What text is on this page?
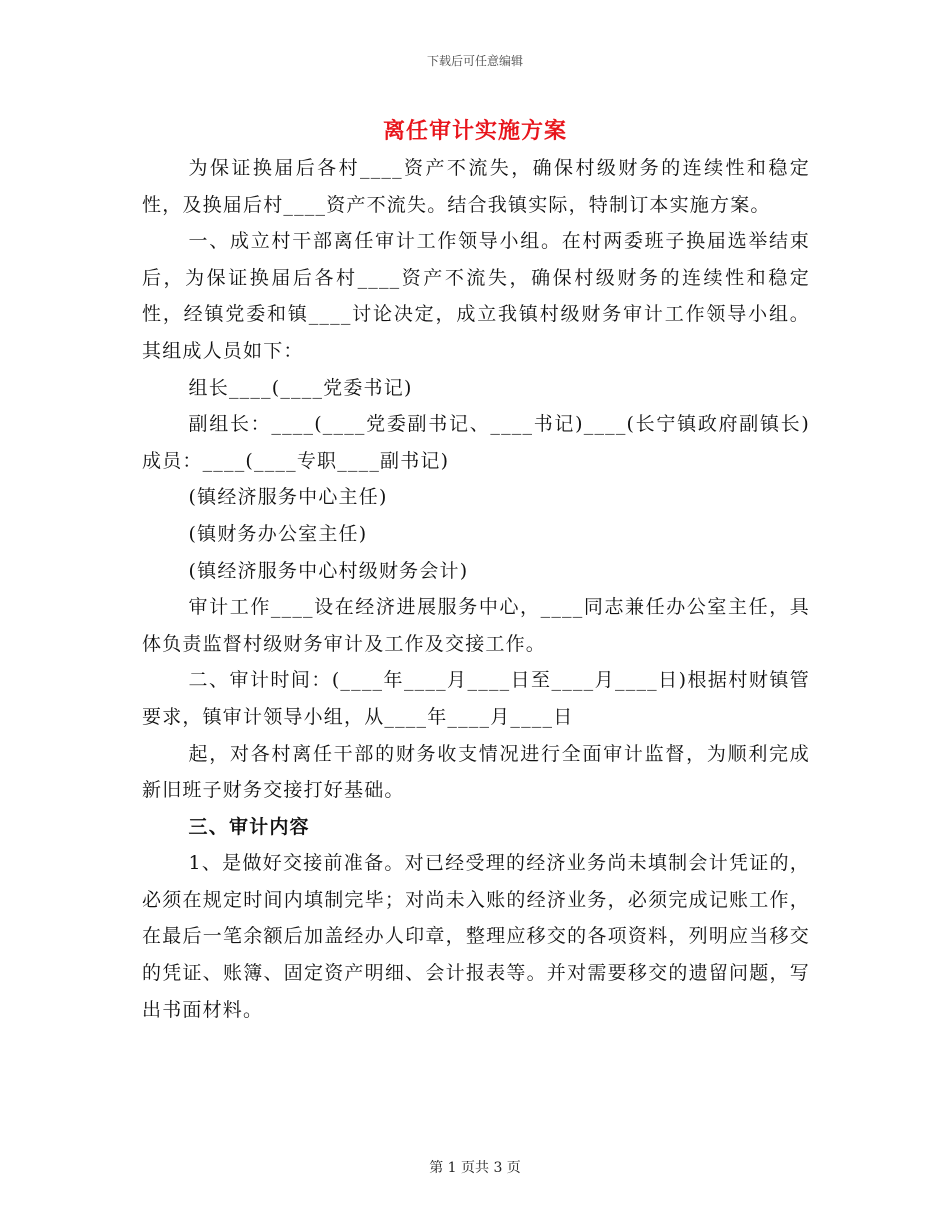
下载后可任意编辑
离任审计实施方案

为保证换届后各村____资产不流失，确保村级财务的连续性和稳定性，及换届后村____资产不流失。结合我镇实际，特制订本实施方案。

一、成立村干部离任审计工作领导小组。在村两委班子换届选举结束后，为保证换届后各村____资产不流失，确保村级财务的连续性和稳定性，经镇党委和镇____讨论决定，成立我镇村级财务审计工作领导小组。其组成人员如下：

组长____(____党委书记)

副组长：____(____党委副书记、____书记)____(长宁镇政府副镇长)成员：____(____专职____副书记)

(镇经济服务中心主任)

(镇财务办公室主任)

(镇经济服务中心村级财务会计)

审计工作____设在经济进展服务中心，____同志兼任办公室主任，具体负责监督村级财务审计及工作及交接工作。

二、审计时间：(____年____月____日至____月____日)根据村财镇管要求，镇审计领导小组，从____年____月____日

起，对各村离任干部的财务收支情况进行全面审计监督，为顺利完成新旧班子财务交接打好基础。

三、审计内容

1、是做好交接前准备。对已经受理的经济业务尚未填制会计凭证的，必须在规定时间内填制完毕；对尚未入账的经济业务，必须完成记账工作，在最后一笔余额后加盖经办人印章，整理应移交的各项资料，列明应当移交的凭证、账簿、固定资产明细、会计报表等。并对需要移交的遗留问题，写出书面材料。

第 1 页共 3 页
